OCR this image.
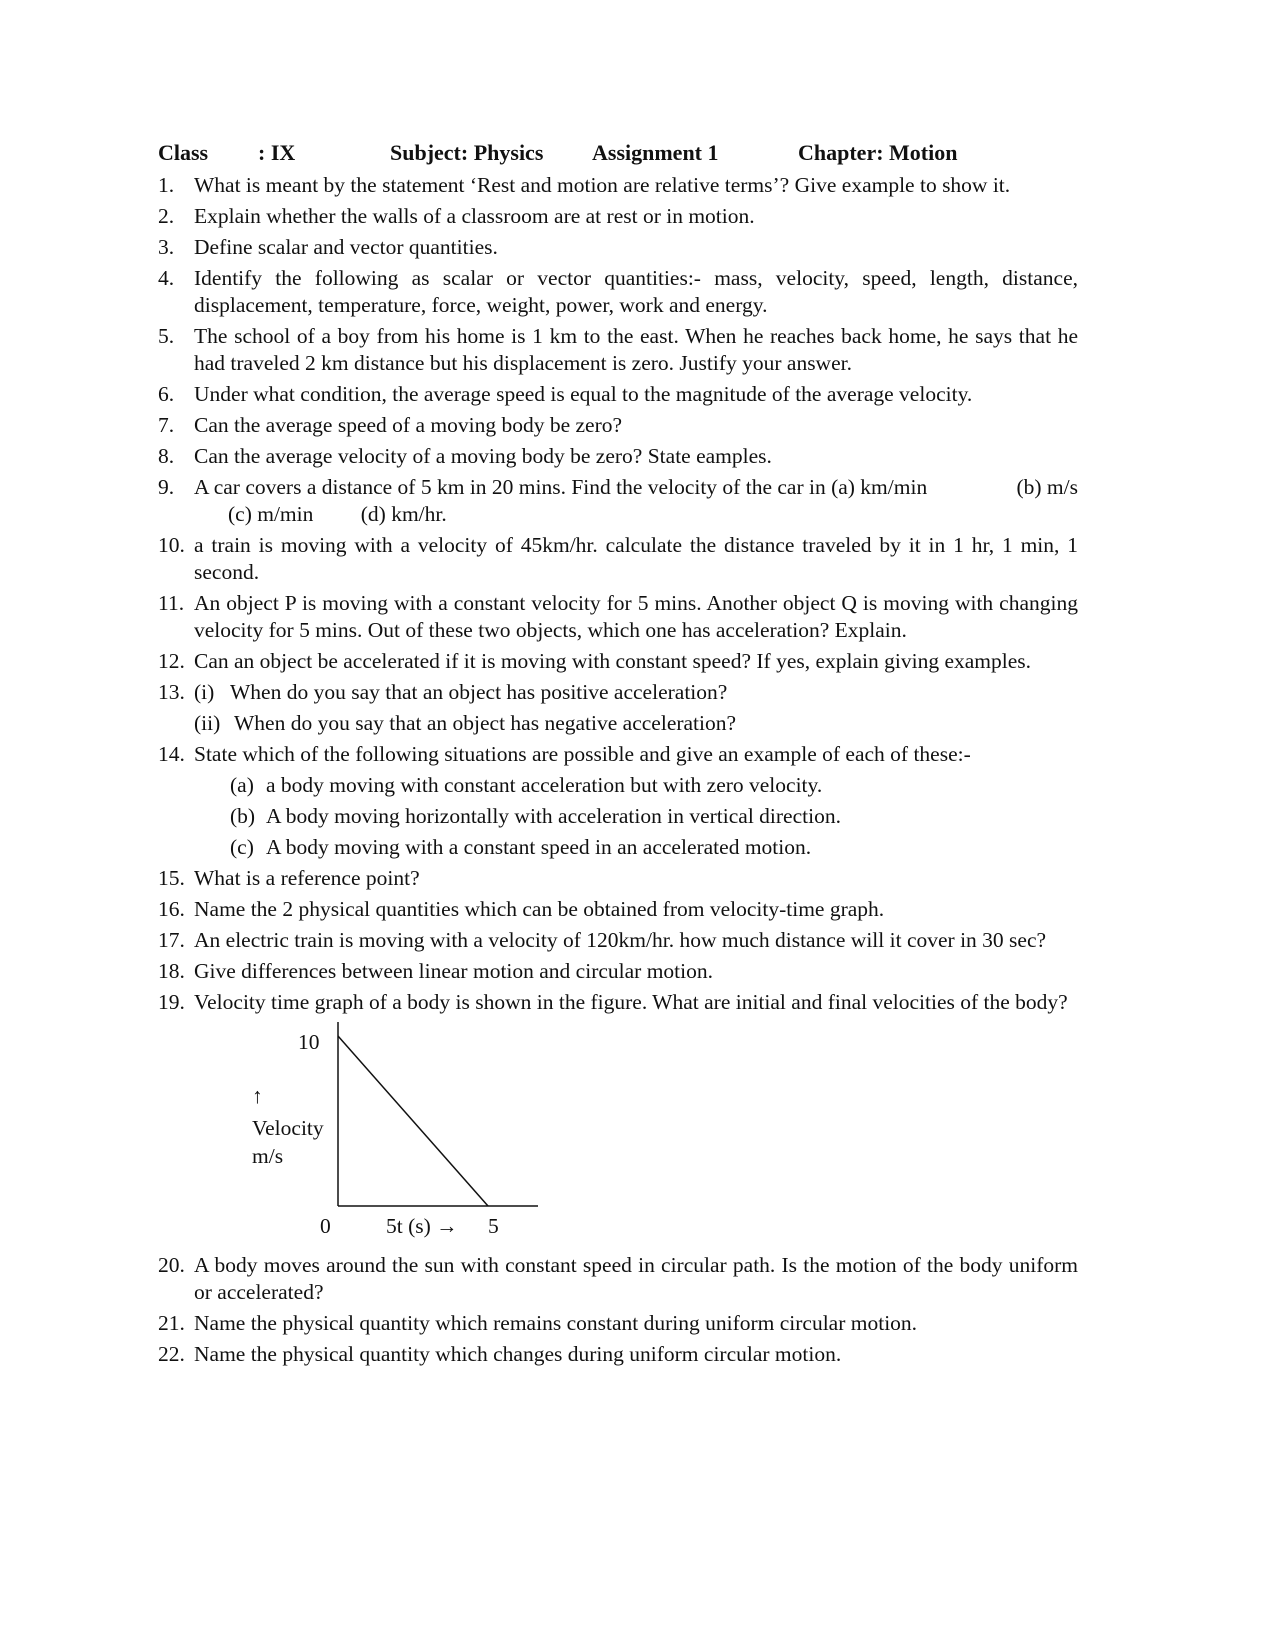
Class : IX	Subject: Physics Assignment 1	Chapter: Motion
1. What is meant by the statement ‘Rest and motion are relative terms’? Give example to show it.
2. Explain whether the walls of a classroom are at rest or in motion.
3. Define scalar and vector quantities.
4. Identify the following as scalar or vector quantities:- mass, velocity, speed, length, distance, displacement, temperature, force, weight, power, work and energy.
5. The school of a boy from his home is 1 km to the east. When he reaches back home, he says that he had traveled 2 km distance but his displacement is zero. Justify your answer.
6. Under what condition, the average speed is equal to the magnitude of the average velocity.
7. Can the average speed of a moving body be zero?
8. Can the average velocity of a moving body be zero? State eamples.
9. A car covers a distance of 5 km in 20 mins. Find the velocity of the car in (a) km/min	(b) m/s (c) m/min (d) km/hr.
10. a train is moving with a velocity of 45km/hr. calculate the distance traveled by it in 1 hr, 1 min, 1 second.
11. An object P is moving with a constant velocity for 5 mins. Another object Q is moving with changing velocity for 5 mins. Out of these two objects, which one has acceleration? Explain.
12. Can an object be accelerated if it is moving with constant speed? If yes, explain giving examples.
13. (i) When do you say that an object has positive acceleration?
(ii) When do you say that an object has negative acceleration?
14. State which of the following situations are possible and give an example of each of these:-
(a) a body moving with constant acceleration but with zero velocity.
(b) A body moving horizontally with acceleration in vertical direction.
(c) A body moving with a constant speed in an accelerated motion.
15. What is a reference point?
16. Name the 2 physical quantities which can be obtained from velocity-time graph.
17. An electric train is moving with a velocity of 120km/hr. how much distance will it cover in 30 sec?
18. Give differences between linear motion and circular motion.
19. Velocity time graph of a body is shown in the figure. What are initial and final velocities of the body?
10
↑
Velocity
m/s
0	5t (s) → 5
20. A body moves around the sun with constant speed in circular path. Is the motion of the body uniform or accelerated?
21. Name the physical quantity which remains constant during uniform circular motion.
22. Name the physical quantity which changes during uniform circular motion.
